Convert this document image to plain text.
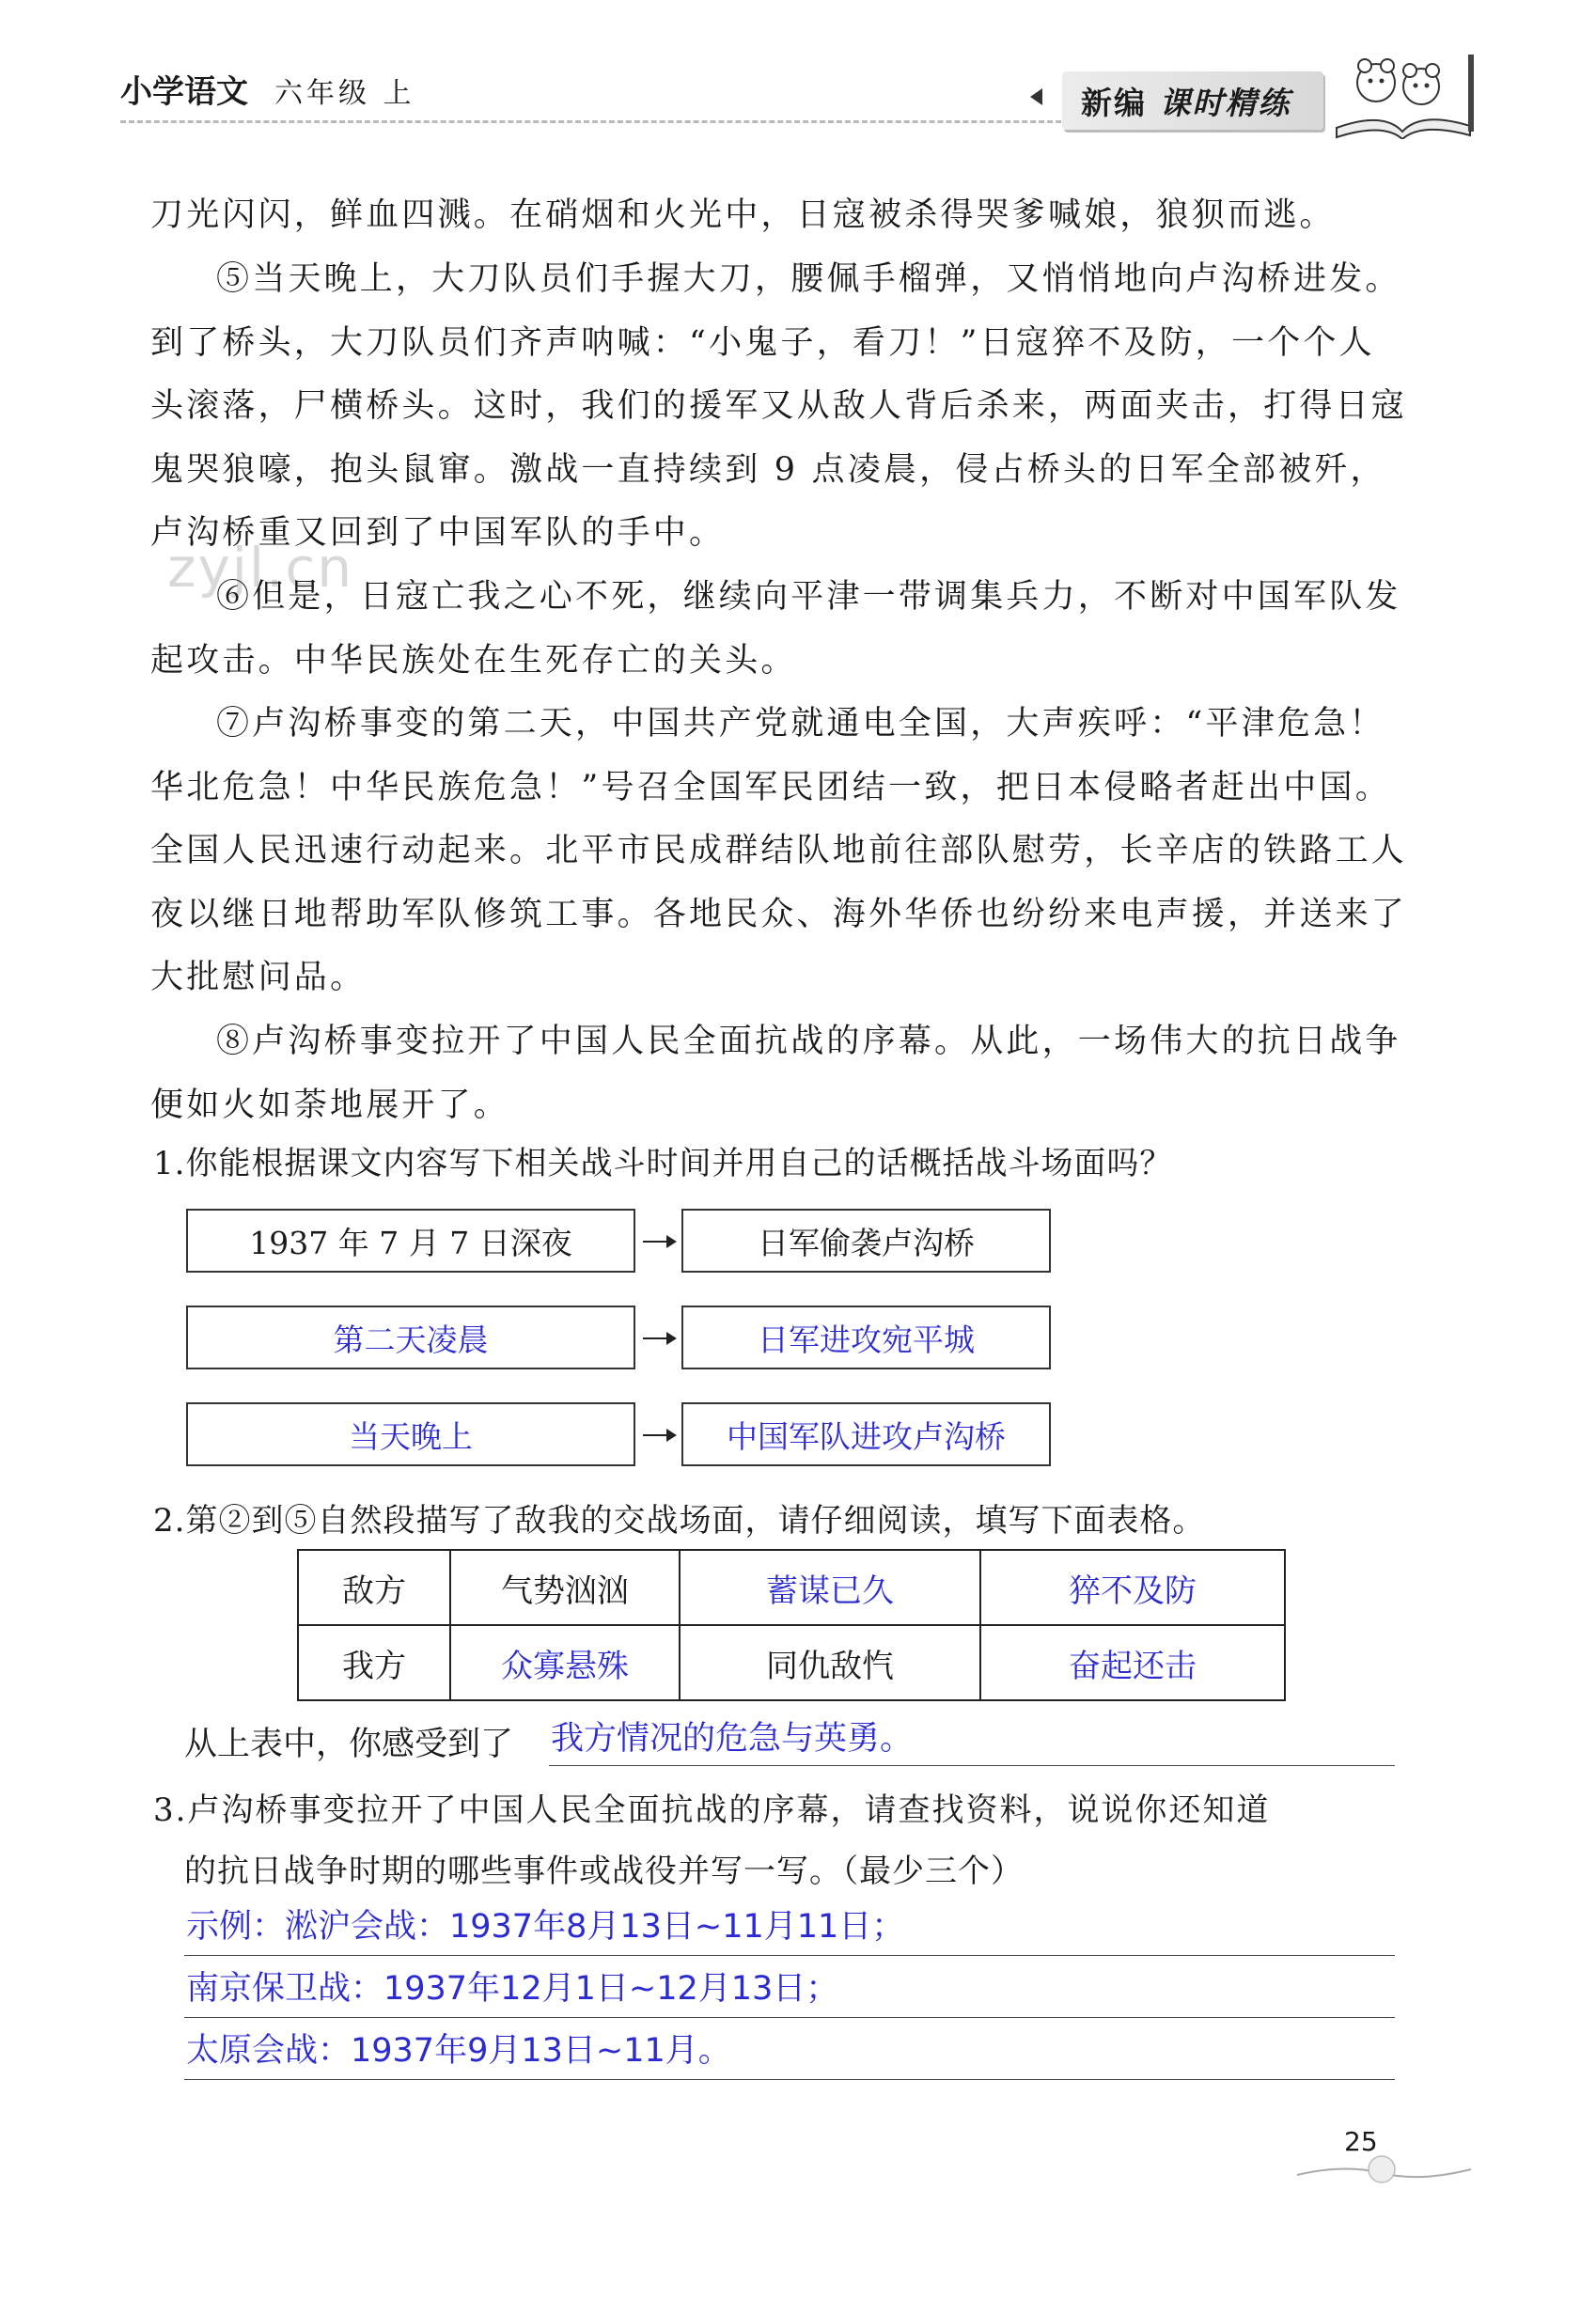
小学语文 六年级 上	新编 课时精练
zyjl.cn

刀光闪闪，鲜血四溅。在硝烟和火光中，日寇被杀得哭爹喊娘，狼狈而逃。

⑤当天晚上，大刀队员们手握大刀，腰佩手榴弹，又悄悄地向卢沟桥进发。到了桥头，大刀队员们齐声呐喊：“小鬼子，看刀！”日寇猝不及防，一个个人头滚落，尸横桥头。这时，我们的援军又从敌人背后杀来，两面夹击，打得日寇鬼哭狼嚎，抱头鼠窜。激战一直持续到 9 点凌晨，侵占桥头的日军全部被歼，卢沟桥重又回到了中国军队的手中。

⑥但是，日寇亡我之心不死，继续向平津一带调集兵力，不断对中国军队发起攻击。中华民族处在生死存亡的关头。

⑦卢沟桥事变的第二天，中国共产党就通电全国，大声疾呼：“平津危急！华北危急！中华民族危急！”号召全国军民团结一致，把日本侵略者赶出中国。全国人民迅速行动起来。北平市民成群结队地前往部队慰劳，长辛店的铁路工人夜以继日地帮助军队修筑工事。各地民众、海外华侨也纷纷来电声援，并送来了大批慰问品。

⑧卢沟桥事变拉开了中国人民全面抗战的序幕。从此，一场伟大的抗日战争便如火如荼地展开了。

1.你能根据课文内容写下相关战斗时间并用自己的话概括战斗场面吗？
1937 年 7 月 7 日深夜	日军偷袭卢沟桥
第二天凌晨	日军进攻宛平城
当天晚上	中国军队进攻卢沟桥
2.第②到⑤自然段描写了敌我的交战场面，请仔细阅读，填写下面表格。
敌方	气势汹汹	蓄谋已久	猝不及防
我方	众寡悬殊	同仇敌忾	奋起还击
从上表中，你感受到了 我方情况的危急与英勇。
3.卢沟桥事变拉开了中国人民全面抗战的序幕，请查找资料，说说你还知道
的抗日战争时期的哪些事件或战役并写一写。（最少三个）
示例：淞沪会战：1937年8月13日~11月11日；
南京保卫战：1937年12月1日~12月13日；
太原会战：1937年9月13日~11月。
25
